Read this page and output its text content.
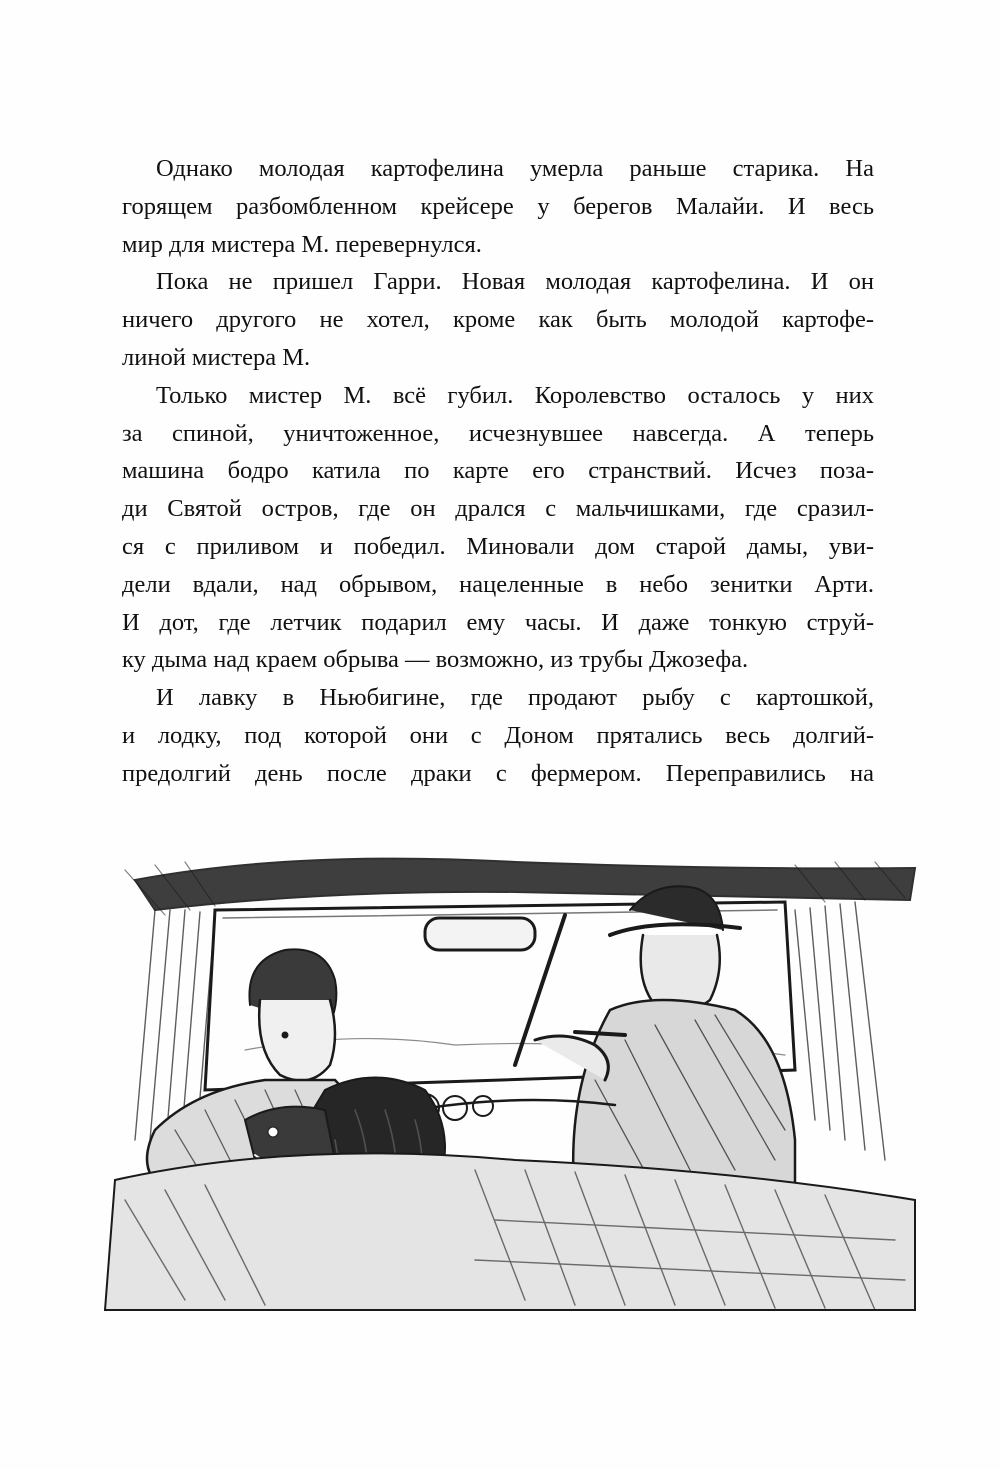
Однако молодая картофелина умерла раньше старика. На
горящем разбомбленном крейсере у берегов Малайи. И весь
мир для мистера М. перевернулся.
Пока не пришел Гарри. Новая молодая картофелина. И он
ничего другого не хотел, кроме как быть молодой картофе-
линой мистера М.
Только мистер М. всё губил. Королевство осталось у них
за спиной, уничтоженное, исчезнувшее навсегда. А теперь
машина бодро катила по карте его странствий. Исчез поза-
ди Святой остров, где он дрался с мальчишками, где сразил-
ся с приливом и победил. Миновали дом старой дамы, уви-
дели вдали, над обрывом, нацеленные в небо зенитки Арти.
И дот, где летчик подарил ему часы. И даже тонкую струй-
ку дыма над краем обрыва — возможно, из трубы Джозефа.
И лавку в Ньюбигине, где продают рыбу с картошкой,
и лодку, под которой они с Доном прятались весь долгий-
предолгий день после драки с фермером. Переправились на
